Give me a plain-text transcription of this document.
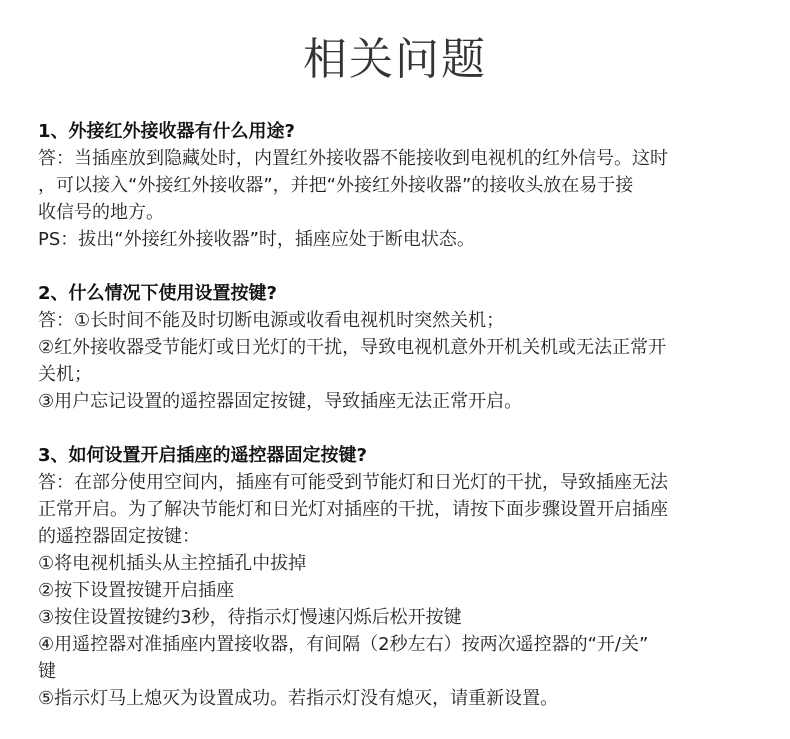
相关问题
1、外接红外接收器有什么用途?
答：当插座放到隐藏处时，内置红外接收器不能接收到电视机的红外信号。这时
，可以接入“外接红外接收器”，并把“外接红外接收器”的接收头放在易于接
收信号的地方。
PS：拔出“外接红外接收器”时，插座应处于断电状态。
2、什么情况下使用设置按键?
答：①长时间不能及时切断电源或收看电视机时突然关机；
②红外接收器受节能灯或日光灯的干扰，导致电视机意外开机关机或无法正常开
关机；
③用户忘记设置的遥控器固定按键，导致插座无法正常开启。
3、如何设置开启插座的遥控器固定按键?
答：在部分使用空间内，插座有可能受到节能灯和日光灯的干扰，导致插座无法
正常开启。为了解决节能灯和日光灯对插座的干扰，请按下面步骤设置开启插座
的遥控器固定按键：
①将电视机插头从主控插孔中拔掉
②按下设置按键开启插座
③按住设置按键约3秒，待指示灯慢速闪烁后松开按键
④用遥控器对准插座内置接收器，有间隔（2秒左右）按两次遥控器的“开/关”
键
⑤指示灯马上熄灭为设置成功。若指示灯没有熄灭，请重新设置。
